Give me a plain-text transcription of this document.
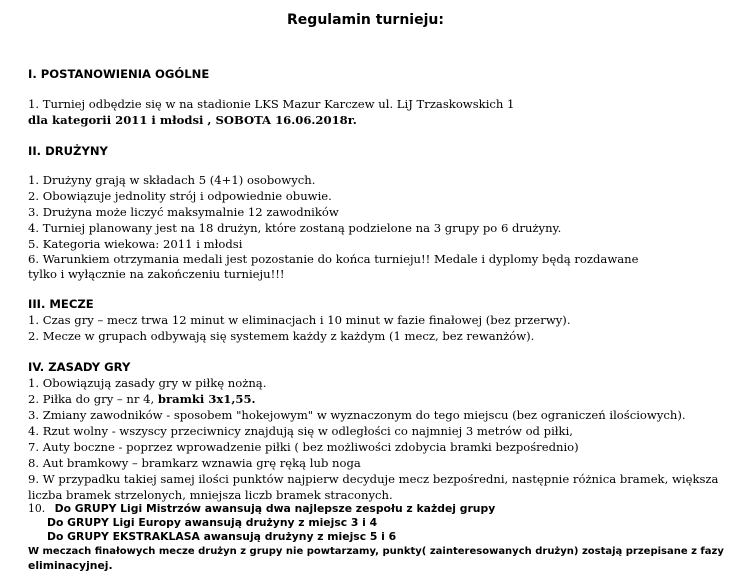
Regulamin turnieju:
I. POSTANOWIENIA OGÓLNE
1. Turniej odbędzie się w na stadionie LKS Mazur Karczew ul. LiJ Trzaskowskich 1
dla kategorii 2011 i młodsi , SOBOTA 16.06.2018r.
II. DRUŻYNY
1. Drużyny grają w składach 5 (4+1) osobowych.
2. Obowiązuje jednolity strój i odpowiednie obuwie.
3. Drużyna może liczyć maksymalnie 12 zawodników
4. Turniej planowany jest na 18 drużyn, które zostaną podzielone na 3 grupy po 6 drużyny.
5. Kategoria wiekowa: 2011 i młodsi
6. Warunkiem otrzymania medali jest pozostanie do końca turnieju!! Medale i dyplomy będą rozdawane
tylko i wyłącznie na zakończeniu turnieju!!!
III. MECZE
1. Czas gry – mecz trwa 12 minut w eliminacjach i 10 minut w fazie finałowej (bez przerwy).
2. Mecze w grupach odbywają się systemem każdy z każdym (1 mecz, bez rewanżów).
IV. ZASADY GRY
1. Obowiązują zasady gry w piłkę nożną.
2. Piłka do gry – nr 4, bramki 3x1,55.
3. Zmiany zawodników - sposobem "hokejowym" w wyznaczonym do tego miejscu (bez ograniczeń ilościowych).
4. Rzut wolny - wszyscy przeciwnicy znajdują się w odległości co najmniej 3 metrów od piłki,
7. Auty boczne - poprzez wprowadzenie piłki ( bez możliwości zdobycia bramki bezpośrednio)
8. Aut bramkowy – bramkarz wznawia grę ręką lub noga
9. W przypadku takiej samej ilości punktów najpierw decyduje mecz bezpośredni, następnie różnica bramek, większa
liczba bramek strzelonych, mniejsza liczb bramek straconych.
10. Do GRUPY Ligi Mistrzów awansują dwa najlepsze zespołu z każdej grupy
Do GRUPY Ligi Europy awansują drużyny z miejsc 3 i 4
Do GRUPY EKSTRAKLASA awansują drużyny z miejsc 5 i 6
W meczach finałowych mecze drużyn z grupy nie powtarzamy, punkty( zainteresowanych drużyn) zostają przepisane z fazy
eliminacyjnej.
